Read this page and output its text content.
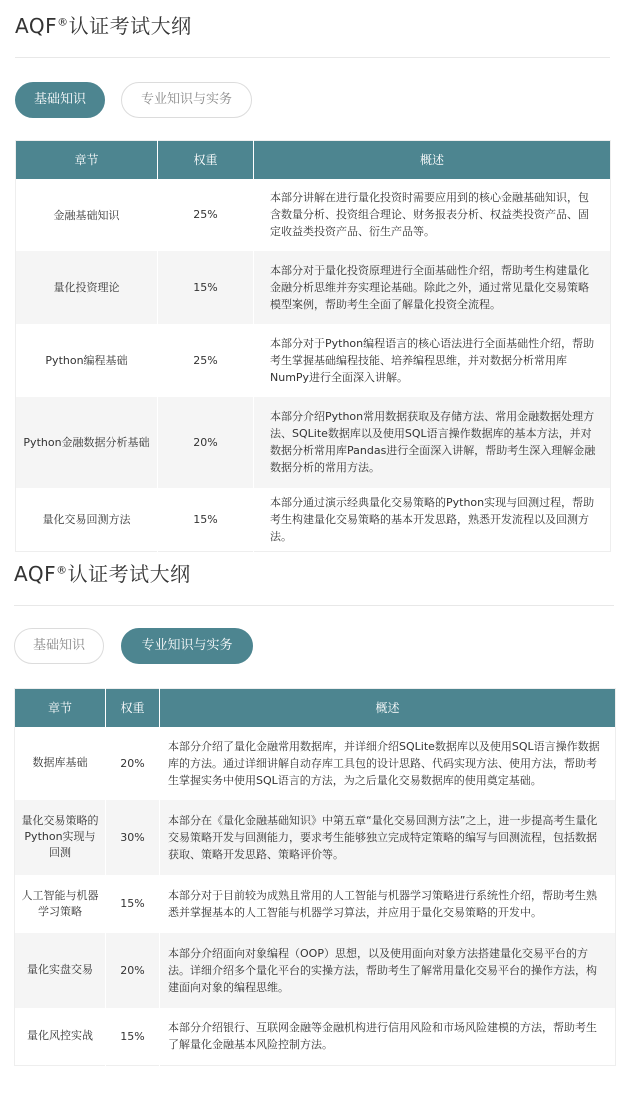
AQF®认证考试大纲
基础知识	专业知识与实务
章节	权重	概述
金融基础知识	25%	本部分讲解在进行量化投资时需要应用到的核心金融基础知识，包含数量分析、投资组合理论、财务报表分析、权益类投资产品、固定收益类投资产品、衍生产品等。
量化投资理论	15%	本部分对于量化投资原理进行全面基础性介绍，帮助考生构建量化金融分析思维并夯实理论基础。除此之外，通过常见量化交易策略模型案例，帮助考生全面了解量化投资全流程。
Python编程基础	25%	本部分对于Python编程语言的核心语法进行全面基础性介绍，帮助考生掌握基础编程技能、培养编程思维，并对数据分析常用库NumPy进行全面深入讲解。
Python金融数据分析基础	20%	本部分介绍Python常用数据获取及存储方法、常用金融数据处理方法、SQLite数据库以及使用SQL语言操作数据库的基本方法，并对数据分析常用库Pandas进行全面深入讲解，帮助考生深入理解金融数据分析的常用方法。
量化交易回测方法	15%	本部分通过演示经典量化交易策略的Python实现与回测过程，帮助考生构建量化交易策略的基本开发思路，熟悉开发流程以及回测方法。
AQF®认证考试大纲
基础知识	专业知识与实务
章节	权重	概述
数据库基础	20%	本部分介绍了量化金融常用数据库，并详细介绍SQLite数据库以及使用SQL语言操作数据库的方法。通过详细讲解自动存库工具包的设计思路、代码实现方法、使用方法，帮助考生掌握实务中使用SQL语言的方法，为之后量化交易数据库的使用奠定基础。
量化交易策略的Python实现与回测	30%	本部分在《量化金融基础知识》中第五章“量化交易回测方法”之上，进一步提高考生量化交易策略开发与回测能力，要求考生能够独立完成特定策略的编写与回测流程，包括数据获取、策略开发思路、策略评价等。
人工智能与机器学习策略	15%	本部分对于目前较为成熟且常用的人工智能与机器学习策略进行系统性介绍，帮助考生熟悉并掌握基本的人工智能与机器学习算法，并应用于量化交易策略的开发中。
量化实盘交易	20%	本部分介绍面向对象编程（OOP）思想，以及使用面向对象方法搭建量化交易平台的方法。详细介绍多个量化平台的实操方法，帮助考生了解常用量化交易平台的操作方法，构建面向对象的编程思维。
量化风控实战	15%	本部分介绍银行、互联网金融等金融机构进行信用风险和市场风险建模的方法，帮助考生了解量化金融基本风险控制方法。
